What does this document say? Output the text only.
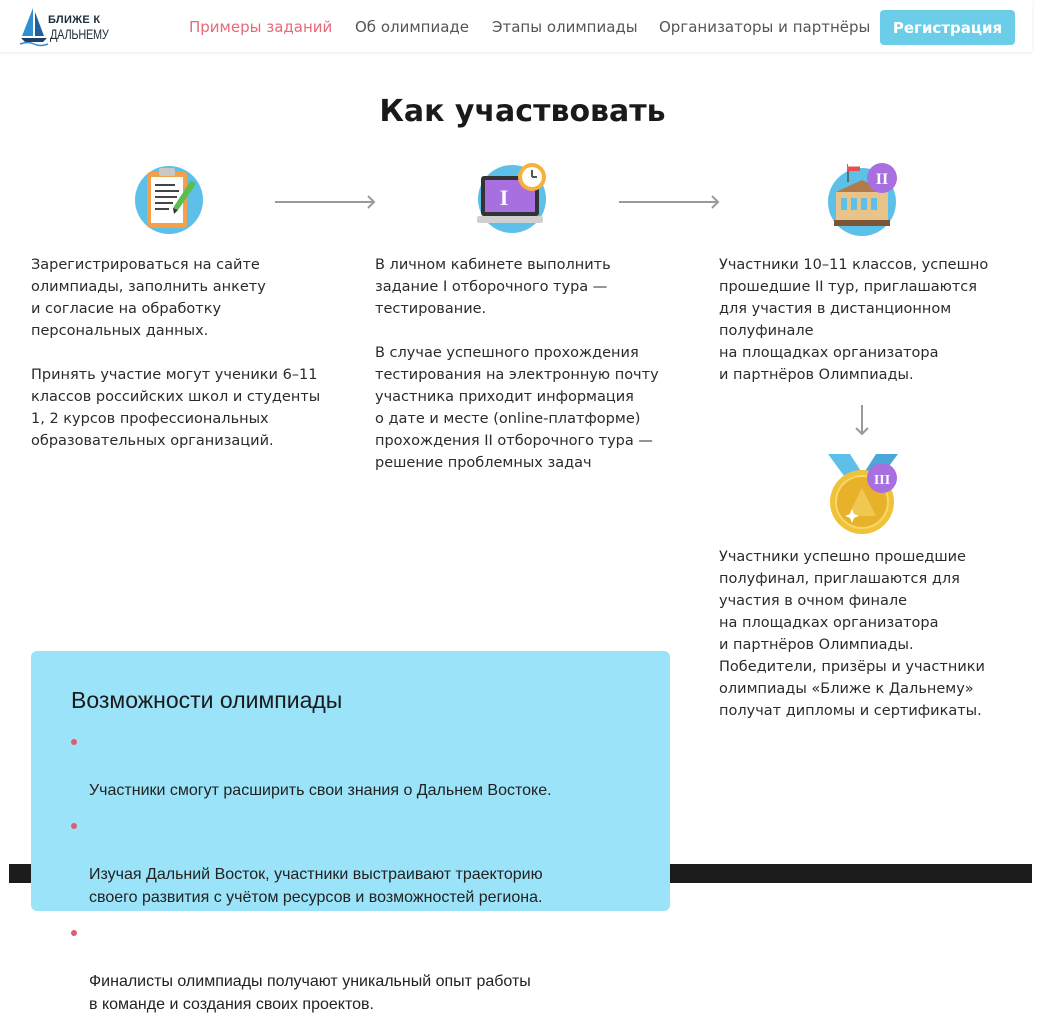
БЛИЖЕ К
ДАЛЬНЕМУ	Примеры заданий Об олимпиаде Этапы олимпиады Организаторы и партнёры	Регистрация
Как участвовать
I
II
III

Зарегистрироваться на сайте
олимпиады, заполнить анкету
и согласие на обработку
персональных данных.

Принять участие могут ученики 6–11
классов российских школ и студенты
1, 2 курсов профессиональных
образовательных организаций.

В личном кабинете выполнить
задание I отборочного тура —
тестирование.

В случае успешного прохождения
тестирования на электронную почту
участника приходит информация
о дате и месте (online-платформе)
прохождения II отборочного тура —
решение проблемных задач

Участники 10–11 классов, успешно
прошедшие II тур, приглашаются
для участия в дистанционном
полуфинале
на площадках организатора
и партнёров Олимпиады.

Участники успешно прошедшие
полуфинал, приглашаются для
участия в очном финале
на площадках организатора
и партнёров Олимпиады.
Победители, призёры и участники
олимпиады «Ближе к Дальнему»
получат дипломы и сертификаты.

Возможности олимпиады

Участники смогут расширить свои знания о Дальнем Востоке.

Изучая Дальний Восток, участники выстраивают траекторию
своего развития с учётом ресурсов и возможностей региона.

Финалисты олимпиады получают уникальный опыт работы
в команде и создания своих проектов.
